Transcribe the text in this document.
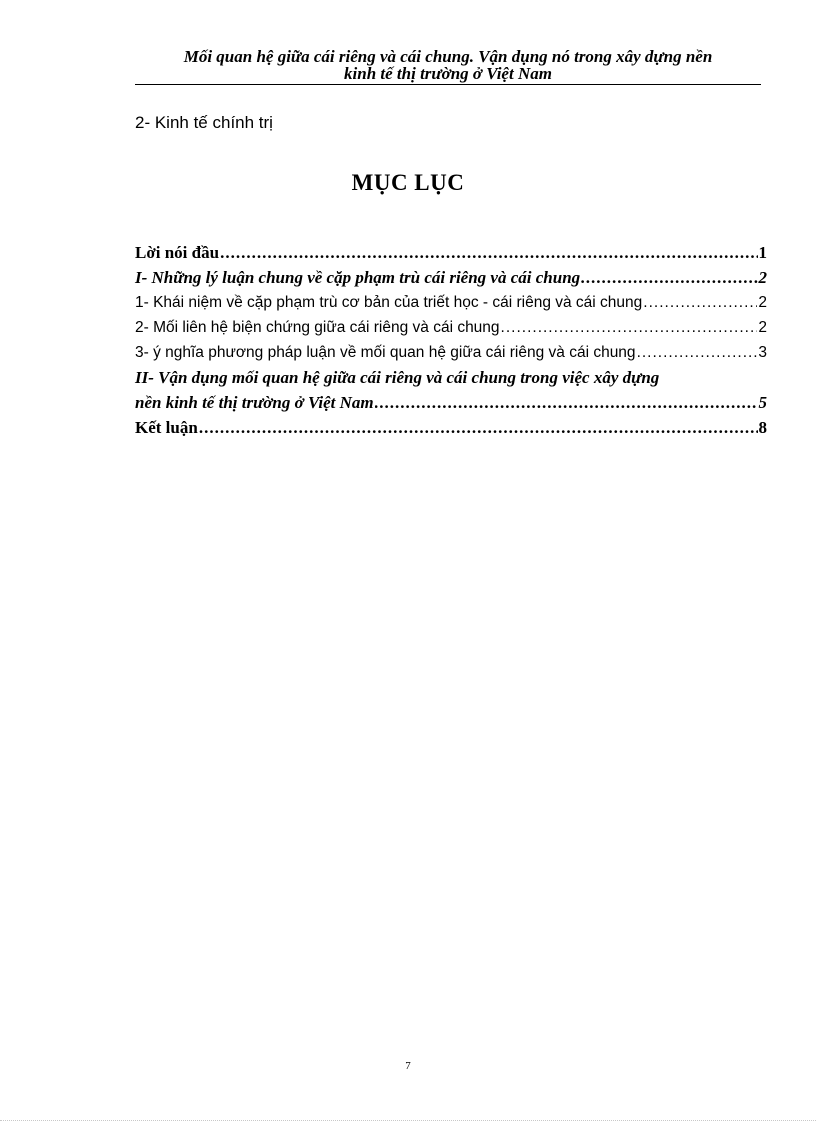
Mối quan hệ giữa cái riêng và cái chung. Vận dụng nó trong xây dựng nền
kinh tế thị trường ở Việt Nam
2- Kinh tế chính trị
MỤC LỤC
Lời nói đầu .....	1
I- Những lý luận chung về cặp phạm trù cái riêng và cái chung .....	2
1- Khái niệm về cặp phạm trù cơ bản của triết học - cái riêng và cái chung .....	2
2- Mối liên hệ biện chứng giữa cái riêng và cái chung .....	2
3- ý nghĩa phương pháp luận về mối quan hệ giữa cái riêng và cái chung .....	3
II- Vận dụng mối quan hệ giữa cái riêng và cái chung trong việc xây dựng
nền kinh tế thị trường ở Việt Nam .....	5
Kết luận .....	8
7
